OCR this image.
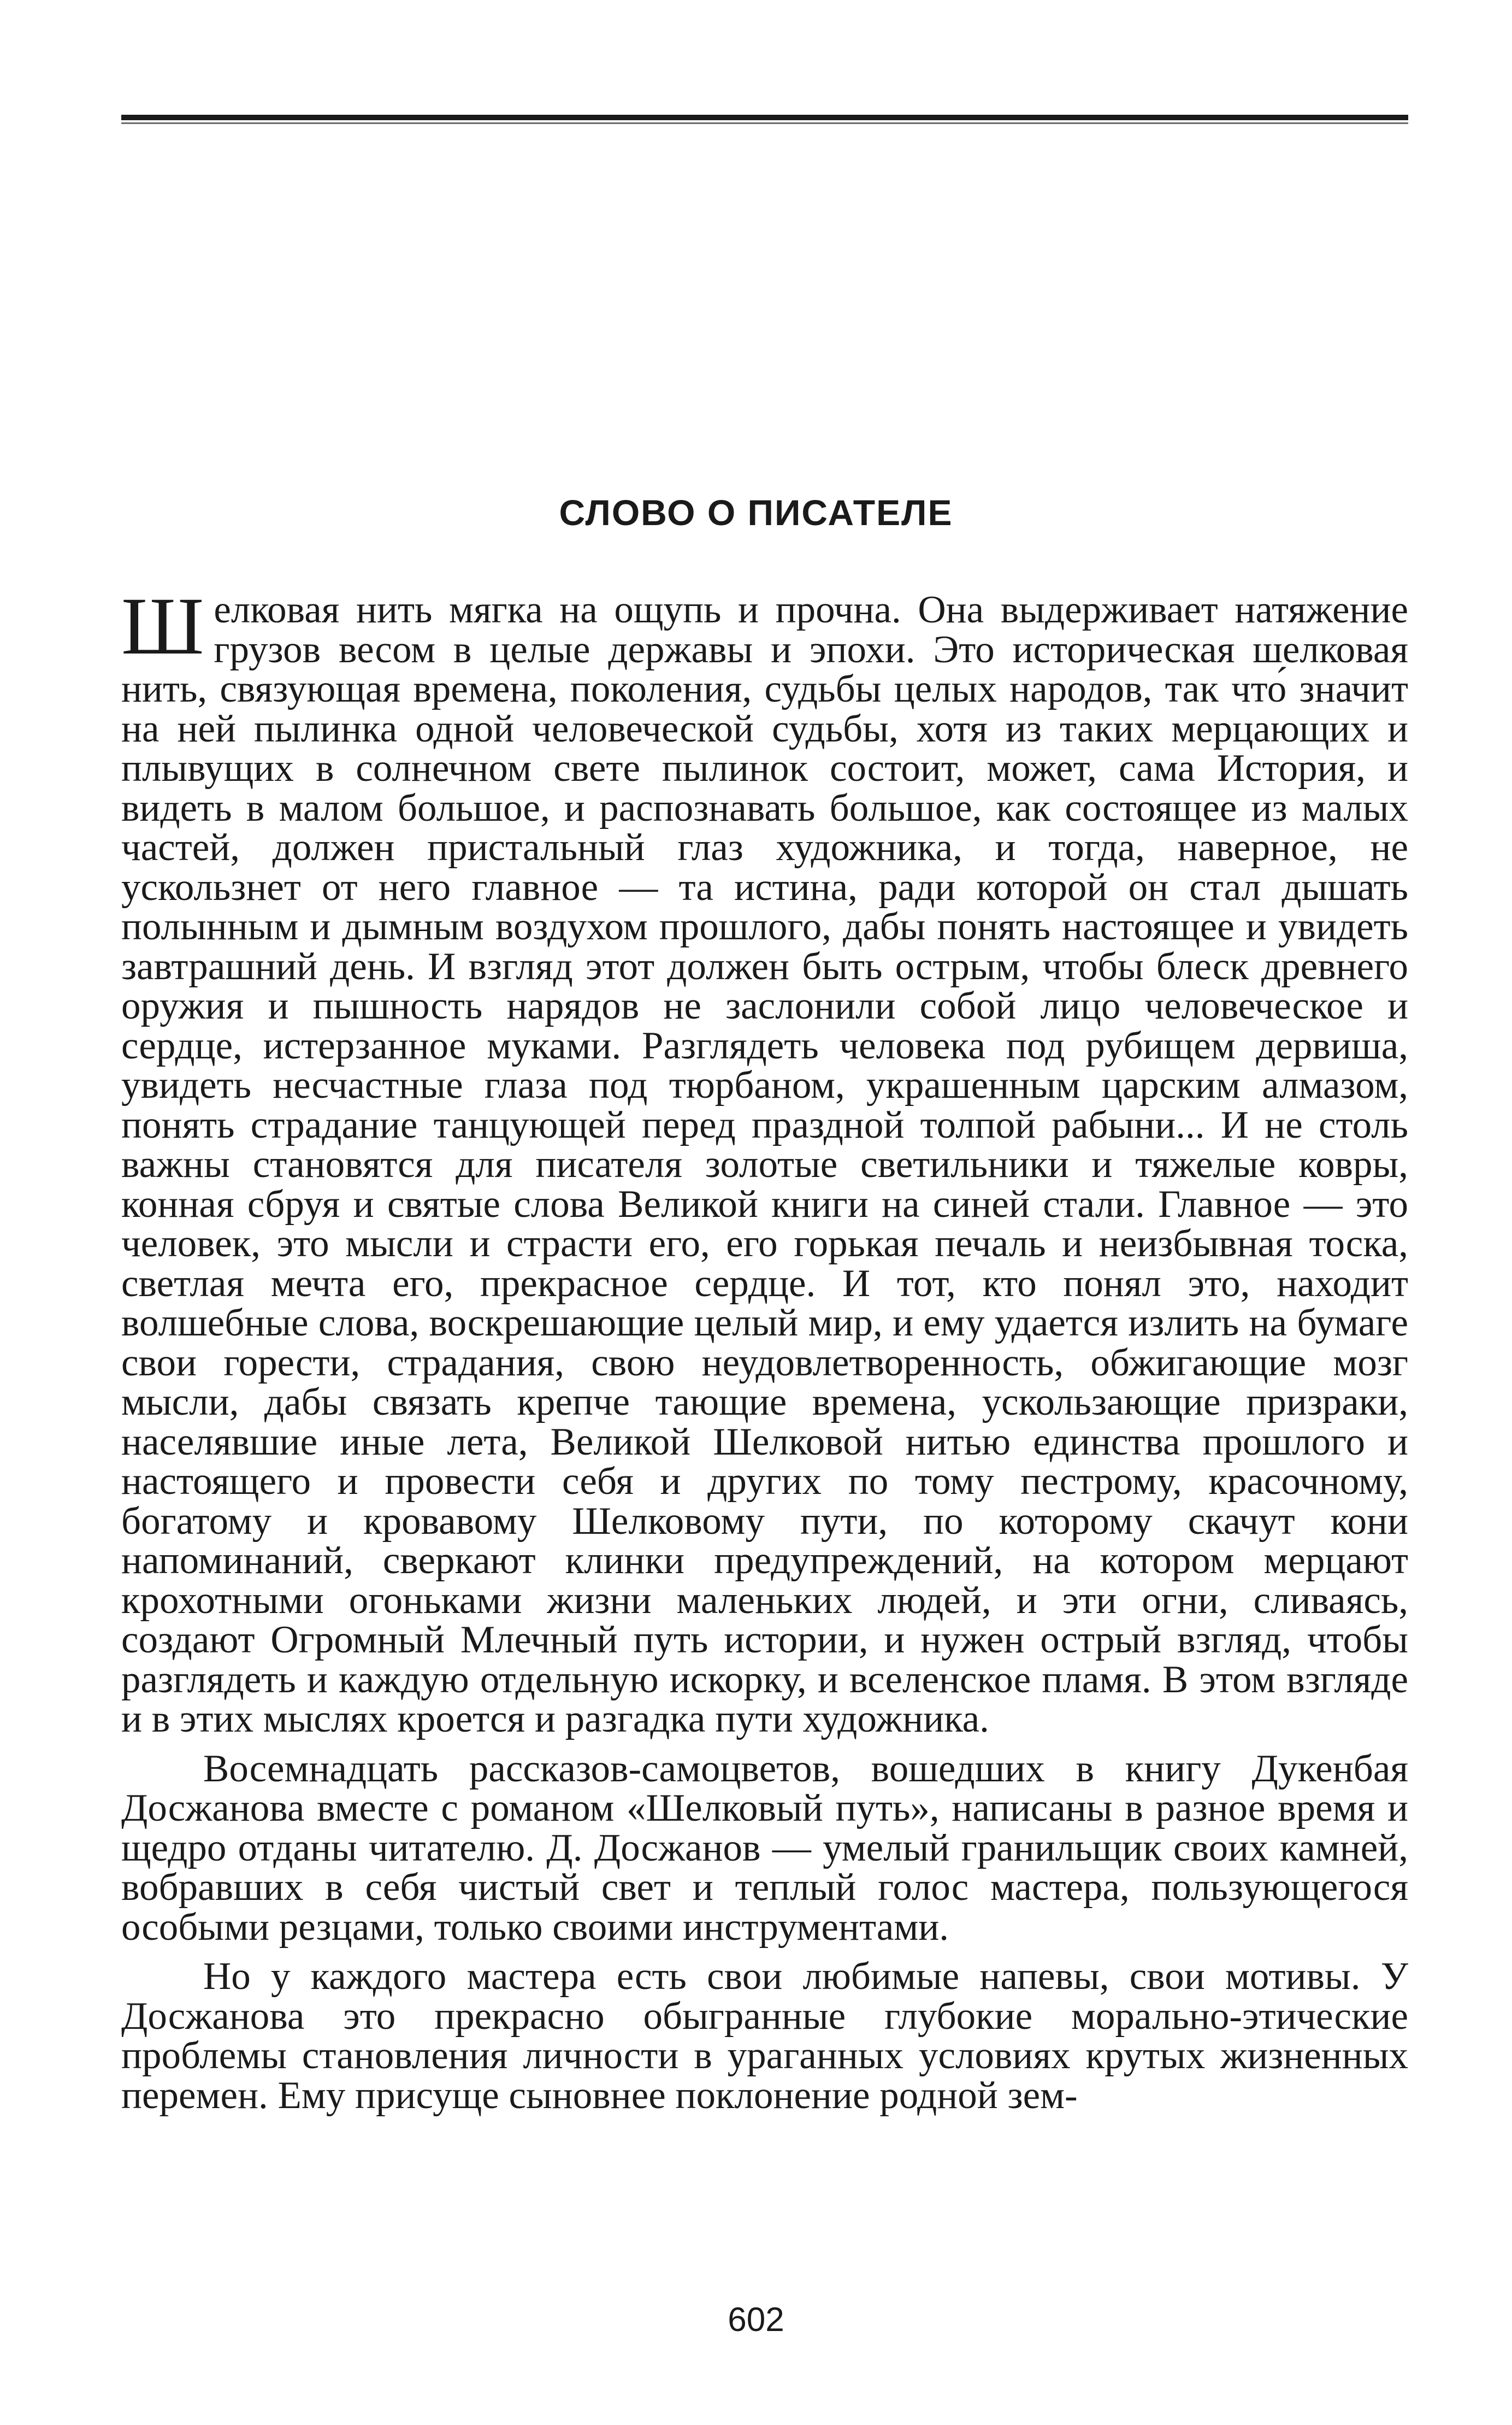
СЛОВО О ПИСАТЕЛЕ

Шелковая нить мягка на ощупь и прочна. Она выдерживает натяжение грузов весом в целые державы и эпохи. Это историческая шелковая нить, связующая времена, поколения, судьбы целых народов, так что́ значит на ней пылинка одной человеческой судьбы, хотя из таких мерцающих и плывущих в солнечном свете пылинок состоит, может, сама История, и видеть в малом большое, и распознавать большое, как состоящее из малых частей, должен пристальный глаз художника, и тогда, наверное, не ускользнет от него главное — та истина, ради которой он стал дышать полынным и дымным воздухом прошлого, дабы понять настоящее и увидеть завтрашний день. И взгляд этот должен быть острым, чтобы блеск древнего оружия и пышность нарядов не заслонили собой лицо человеческое и сердце, истерзанное муками. Разглядеть человека под рубищем дервиша, увидеть несчастные глаза под тюрбаном, украшенным царским алмазом, понять страдание танцующей перед праздной толпой рабыни... И не столь важны становятся для писателя золотые светильники и тяжелые ковры, конная сбруя и святые слова Великой книги на синей стали. Главное — это человек, это мысли и страсти его, его горькая печаль и неизбывная тоска, светлая мечта его, прекрасное сердце. И тот, кто понял это, находит волшебные слова, воскрешающие целый мир, и ему удается излить на бумаге свои горести, страдания, свою неудовлетворенность, обжигающие мозг мысли, дабы связать крепче тающие времена, ускользающие призраки, населявшие иные лета, Великой Шелковой нитью единства прошлого и настоящего и провести себя и других по тому пестрому, красочному, богатому и кровавому Шелковому пути, по которому скачут кони напоминаний, сверкают клинки предупреждений, на котором мерцают крохотными огоньками жизни маленьких людей, и эти огни, сливаясь, создают Огромный Млечный путь истории, и нужен острый взгляд, чтобы разглядеть и каждую отдельную искорку, и вселенское пламя. В этом взгляде и в этих мыслях кроется и разгадка пути художника.

Восемнадцать рассказов-самоцветов, вошедших в книгу Дукенбая Досжанова вместе с романом «Шелковый путь», написаны в разное время и щедро отданы читателю. Д. Досжанов — умелый гранильщик своих камней, вобравших в себя чистый свет и теплый голос мастера, пользующегося особыми резцами, только своими инструментами.

Но у каждого мастера есть свои любимые напевы, свои мотивы. У Досжанова это прекрасно обыгранные глубокие морально-этические проблемы становления личности в ураганных условиях крутых жизненных перемен. Ему присуще сыновнее поклонение родной зем-

602
